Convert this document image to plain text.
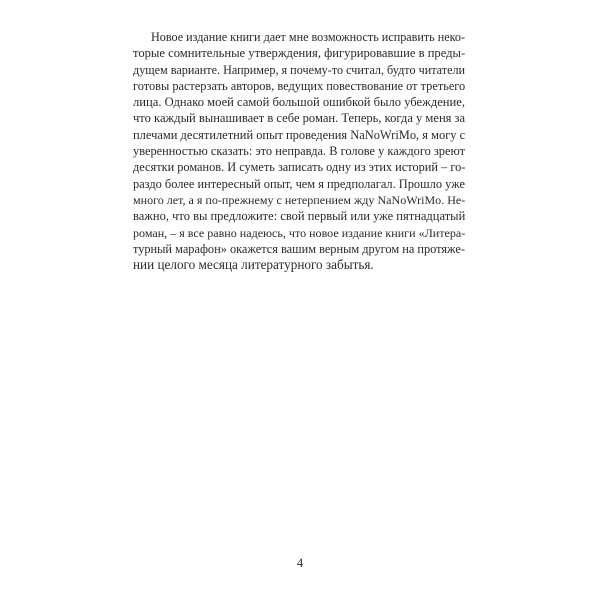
Новое издание книги дает мне возможность исправить неко-
торые сомнительные утверждения, фигурировавшие в преды-
дущем варианте. Например, я почему-то считал, будто читатели
готовы растерзать авторов, ведущих повествование от третьего
лица. Однако моей самой большой ошибкой было убеждение,
что каждый вынашивает в себе роман. Теперь, когда у меня за
плечами десятилетний опыт проведения NaNoWriMo, я могу с
уверенностью сказать: это неправда. В голове у каждого зреют
десятки романов. И суметь записать одну из этих историй – го-
раздо более интересный опыт, чем я предполагал. Прошло уже
много лет, а я по-прежнему с нетерпением жду NaNoWriMo. Не-
важно, что вы предложите: свой первый или уже пятнадцатый
роман, – я все равно надеюсь, что новое издание книги «Литера-
турный марафон» окажется вашим верным другом на протяже-
нии целого месяца литературного забытья.
4
